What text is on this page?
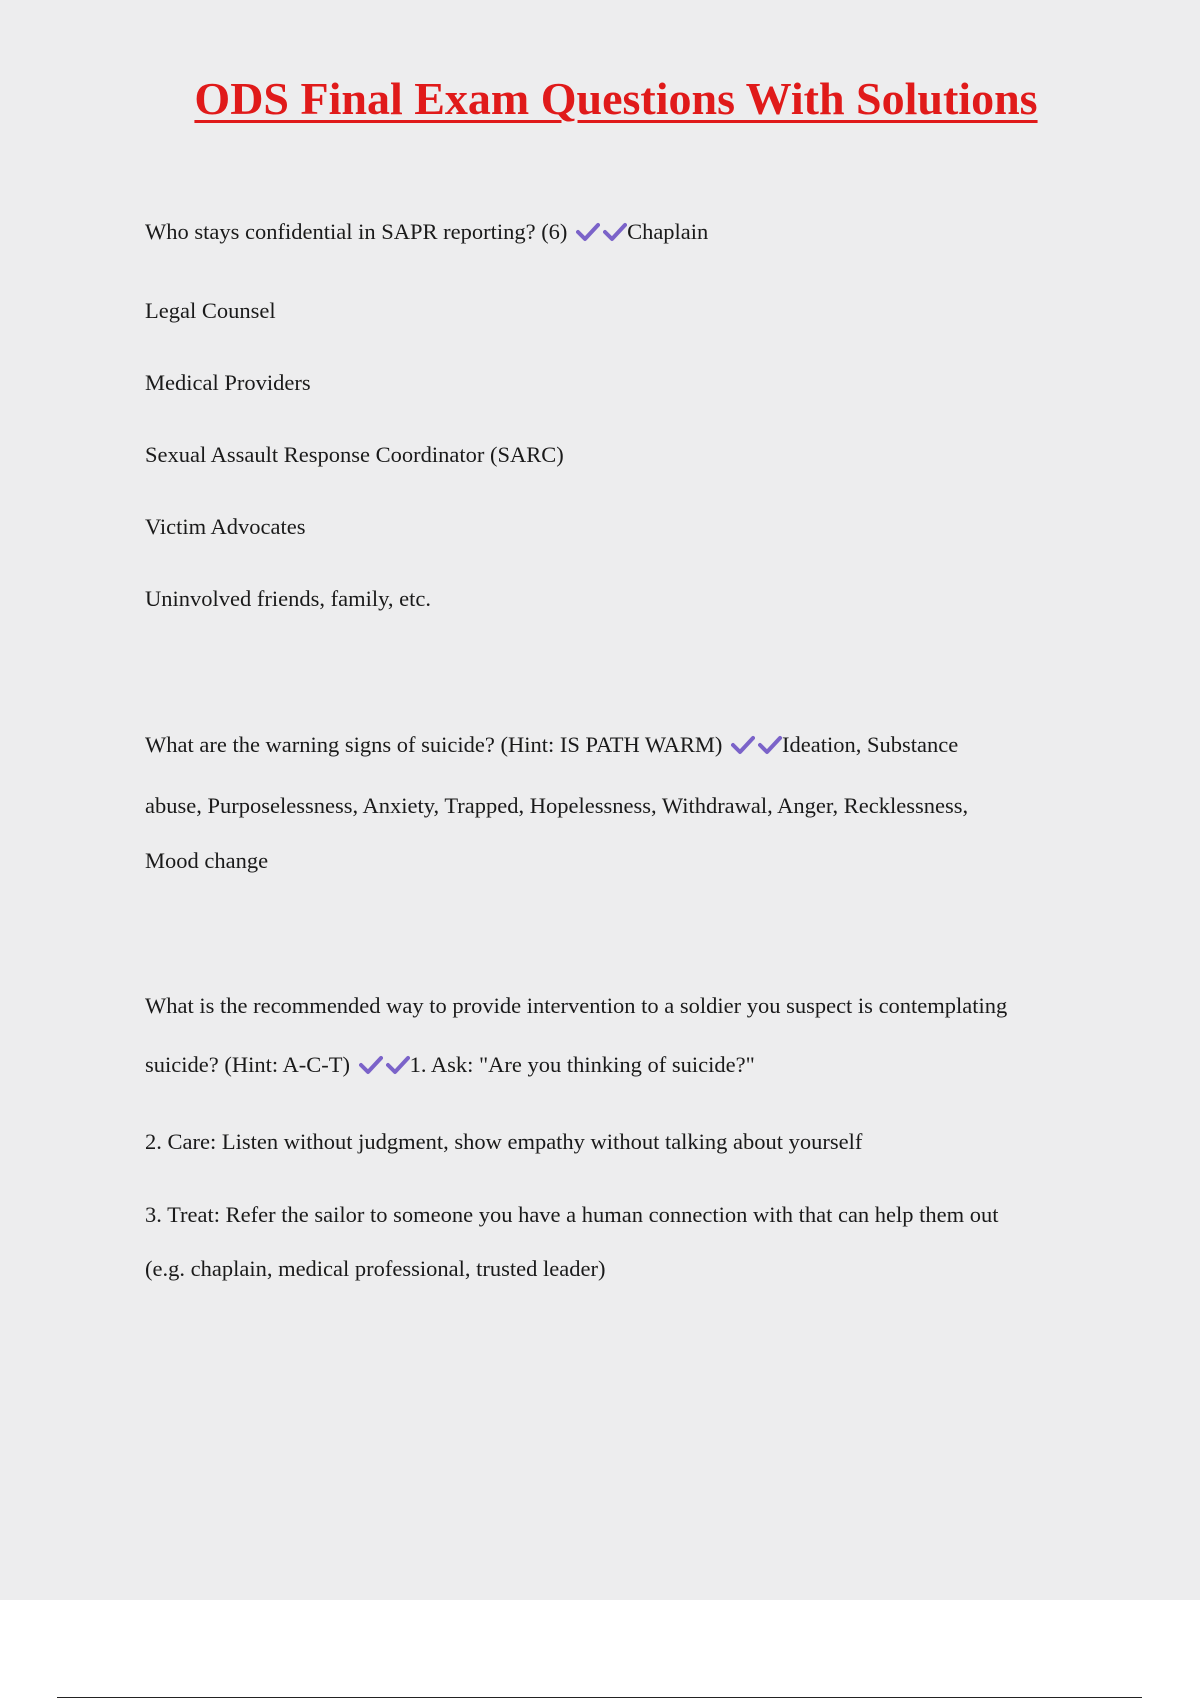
ODS Final Exam Questions With Solutions

Who stays confidential in SAPR reporting? (6)	Chaplain

Legal Counsel

Medical Providers

Sexual Assault Response Coordinator (SARC)

Victim Advocates

Uninvolved friends, family, etc.

What are the warning signs of suicide? (Hint: IS PATH WARM)	Ideation, Substance

abuse, Purposelessness, Anxiety, Trapped, Hopelessness, Withdrawal, Anger, Recklessness,

Mood change

What is the recommended way to provide intervention to a soldier you suspect is contemplating

suicide? (Hint: A-C-T)	1. Ask: "Are you thinking of suicide?"

2. Care: Listen without judgment, show empathy without talking about yourself

3. Treat: Refer the sailor to someone you have a human connection with that can help them out

(e.g. chaplain, medical professional, trusted leader)
